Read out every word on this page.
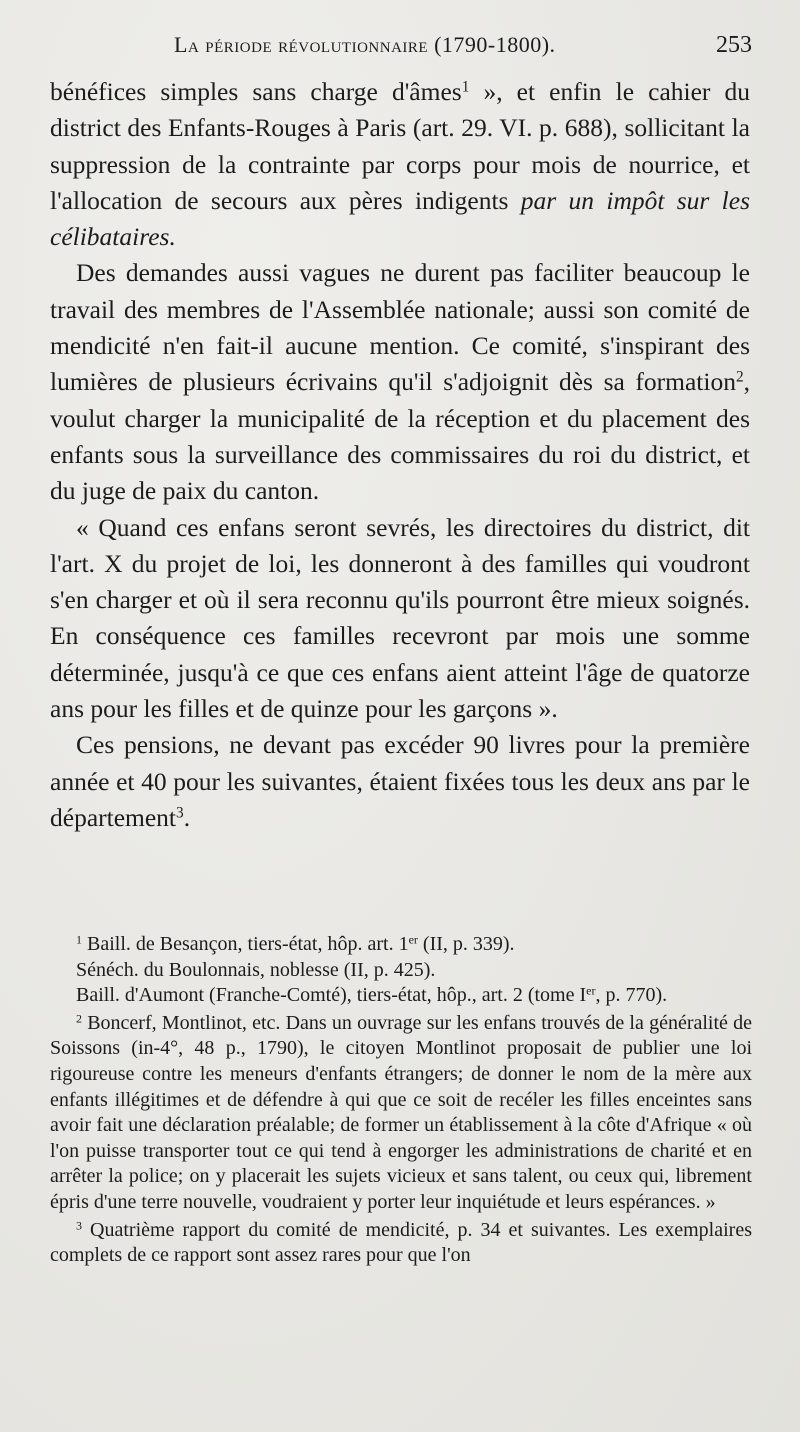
La période révolutionnaire (1790-1800).	253

bénéfices simples sans charge d'âmes$^1$ », et enfin le cahier du district des Enfants-Rouges à Paris (art. 29. VI. p. 688), sollicitant la suppression de la contrainte par corps pour mois de nourrice, et l'allocation de secours aux pères indigents par un impôt sur les célibataires.

Des demandes aussi vagues ne durent pas faciliter beaucoup le travail des membres de l'Assemblée nationale; aussi son comité de mendicité n'en fait-il aucune mention. Ce comité, s'inspirant des lumières de plusieurs écrivains qu'il s'adjoignit dès sa formation$^2$, voulut charger la municipalité de la réception et du placement des enfants sous la surveillance des commissaires du roi du district, et du juge de paix du canton.

« Quand ces enfans seront sevrés, les directoires du district, dit l'art. X du projet de loi, les donneront à des familles qui voudront s'en charger et où il sera reconnu qu'ils pourront être mieux soignés. En conséquence ces familles recevront par mois une somme déterminée, jusqu'à ce que ces enfans aient atteint l'âge de quatorze ans pour les filles et de quinze pour les garçons ».

Ces pensions, ne devant pas excéder 90 livres pour la première année et 40 pour les suivantes, étaient fixées tous les deux ans par le département$^3$.

$^1$ Baill. de Besançon, tiers-état, hôp. art. 1er (II, p. 339).

Sénéch. du Boulonnais, noblesse (II, p. 425).

Baill. d'Aumont (Franche-Comté), tiers-état, hôp., art. 2 (tome Ier, p. 770).

$^2$ Boncerf, Montlinot, etc. Dans un ouvrage sur les enfans trouvés de la généralité de Soissons (in-4°, 48 p., 1790), le citoyen Montlinot proposait de publier une loi rigoureuse contre les meneurs d'enfants étrangers; de donner le nom de la mère aux enfants illégitimes et de défendre à qui que ce soit de recéler les filles enceintes sans avoir fait une déclaration préalable; de former un établissement à la côte d'Afrique « où l'on puisse transporter tout ce qui tend à engorger les administrations de charité et en arrêter la police; on y placerait les sujets vicieux et sans talent, ou ceux qui, librement épris d'une terre nouvelle, voudraient y porter leur inquiétude et leurs espérances. »

$^3$ Quatrième rapport du comité de mendicité, p. 34 et suivantes. Les exemplaires complets de ce rapport sont assez rares pour que l'on
